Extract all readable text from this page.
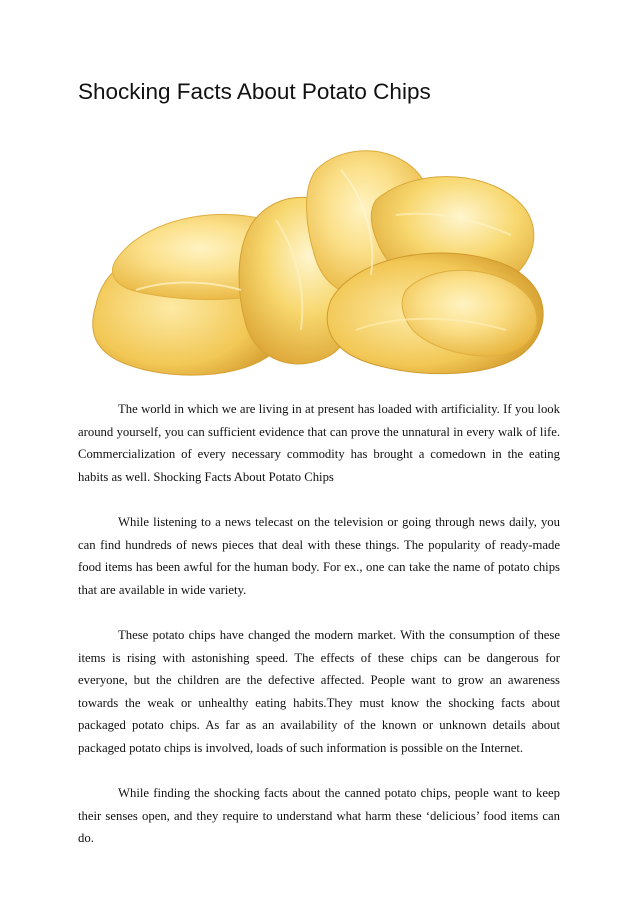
Shocking Facts About Potato Chips

The world in which we are living in at present has loaded with artificiality. If you look around yourself, you can sufficient evidence that can prove the unnatural in every walk of life. Commercialization of every necessary commodity has brought a comedown in the eating habits as well. Shocking Facts About Potato Chips

While listening to a news telecast on the television or going through news daily, you can find hundreds of news pieces that deal with these things. The popularity of ready-made food items has been awful for the human body. For ex., one can take the name of potato chips that are available in wide variety.

These potato chips have changed the modern market. With the consumption of these items is rising with astonishing speed. The effects of these chips can be dangerous for everyone, but the children are the defective affected. People want to grow an awareness towards the weak or unhealthy eating habits.They must know the shocking facts about packaged potato chips. As far as an availability of the known or unknown details about packaged potato chips is involved, loads of such information is possible on the Internet.

While finding the shocking facts about the canned potato chips, people want to keep their senses open, and they require to understand what harm these ‘delicious’ food items can do.
